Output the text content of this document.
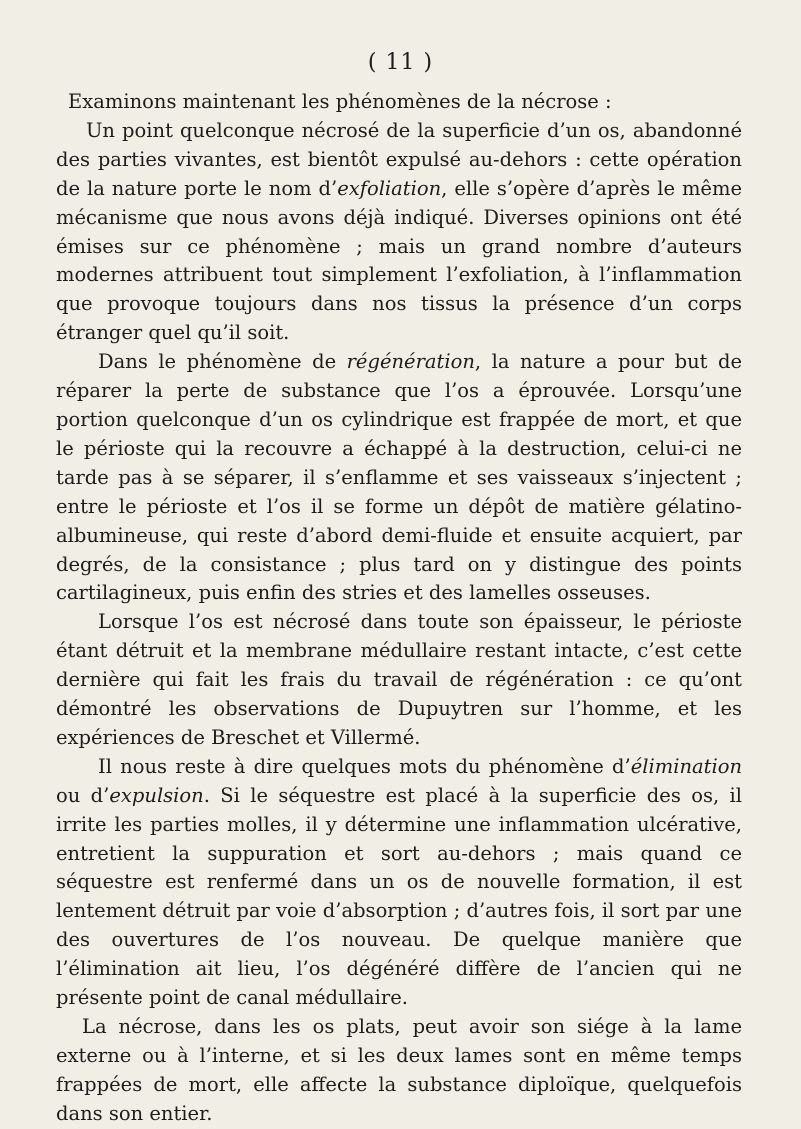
( 11 )

Examinons maintenant les phénomènes de la nécrose :

Un point quelconque nécrosé de la superficie d’un os, abandonné des parties vivantes, est bientôt expulsé au-dehors : cette opération de la nature porte le nom d’exfoliation, elle s’opère d’après le même mécanisme que nous avons déjà indiqué. Diverses opinions ont été émises sur ce phénomène ; mais un grand nombre d’auteurs modernes attribuent tout simplement l’exfoliation, à l’inflammation que provoque toujours dans nos tissus la présence d’un corps étranger quel qu’il soit.

Dans le phénomène de régénération, la nature a pour but de réparer la perte de substance que l’os a éprouvée. Lorsqu’une portion quelconque d’un os cylindrique est frappée de mort, et que le périoste qui la recouvre a échappé à la destruction, celui-ci ne tarde pas à se séparer, il s’enflamme et ses vaisseaux s’injectent ; entre le périoste et l’os il se forme un dépôt de matière gélatino-albumineuse, qui reste d’abord demi-fluide et ensuite acquiert, par degrés, de la consistance ; plus tard on y distingue des points cartilagineux, puis enfin des stries et des lamelles osseuses.

Lorsque l’os est nécrosé dans toute son épaisseur, le périoste étant détruit et la membrane médullaire restant intacte, c’est cette dernière qui fait les frais du travail de régénération : ce qu’ont démontré les observations de Dupuytren sur l’homme, et les expériences de Breschet et Villermé.

Il nous reste à dire quelques mots du phénomène d’élimination ou d’expulsion. Si le séquestre est placé à la superficie des os, il irrite les parties molles, il y détermine une inflammation ulcérative, entretient la suppuration et sort au-dehors ; mais quand ce séquestre est renfermé dans un os de nouvelle formation, il est lentement détruit par voie d’absorption ; d’autres fois, il sort par une des ouvertures de l’os nouveau. De quelque manière que l’élimination ait lieu, l’os dégénéré diffère de l’ancien qui ne présente point de canal médullaire.

La nécrose, dans les os plats, peut avoir son siége à la lame externe ou à l’interne, et si les deux lames sont en même temps frappées de mort, elle affecte la substance diploïque, quelquefois dans son entier.
